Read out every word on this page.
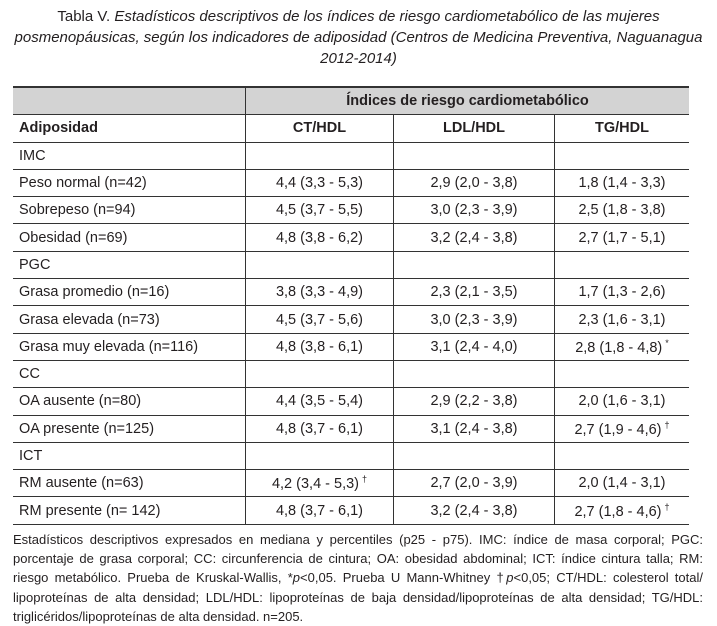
Tabla V. Estadísticos descriptivos de los índices de riesgo cardiometabólico de las mujeres posmenopáusicas, según los indicadores de adiposidad (Centros de Medicina Preventiva, Naguanagua 2012-2014)
	Índices de riesgo cardiometabólico		
Adiposidad	CT/HDL	LDL/HDL	TG/HDL
IMC			
Peso normal (n=42)	4,4 (3,3 - 5,3)	2,9 (2,0 - 3,8)	1,8 (1,4 - 3,3)
Sobrepeso (n=94)	4,5 (3,7 - 5,5)	3,0 (2,3 - 3,9)	2,5 (1,8 - 3,8)
Obesidad (n=69)	4,8 (3,8 - 6,2)	3,2 (2,4 - 3,8)	2,7 (1,7 - 5,1)
PGC			
Grasa promedio (n=16)	3,8 (3,3 - 4,9)	2,3 (2,1 - 3,5)	1,7 (1,3 - 2,6)
Grasa elevada (n=73)	4,5 (3,7 - 5,6)	3,0 (2,3 - 3,9)	2,3 (1,6 - 3,1)
Grasa muy elevada (n=116)	4,8 (3,8 - 6,1)	3,1 (2,4 - 4,0)	2,8 (1,8 - 4,8) *
CC			
OA ausente (n=80)	4,4 (3,5 - 5,4)	2,9 (2,2 - 3,8)	2,0 (1,6 - 3,1)
OA presente (n=125)	4,8 (3,7 - 6,1)	3,1 (2,4 - 3,8)	2,7 (1,9 - 4,6) †
ICT			
RM ausente (n=63)	4,2 (3,4 - 5,3) †	2,7 (2,0 - 3,9)	2,0 (1,4 - 3,1)
RM presente (n= 142)	4,8 (3,7 - 6,1)	3,2 (2,4 - 3,8)	2,7 (1,8 - 4,6) †
Estadísticos descriptivos expresados en mediana y percentiles (p25 - p75). IMC: índice de masa corporal; PGC: porcentaje de grasa corporal; CC: circunferencia de cintura; OA: obesidad abdominal; ICT: índice cintura talla; RM: riesgo metabólico. Prueba de Kruskal-Wallis, *p<0,05. Prueba U Mann-Whitney †p<0,05; CT/HDL: colesterol total/ lipoproteínas de alta densidad; LDL/HDL: lipoproteínas de baja densidad/lipoproteínas de alta densidad; TG/HDL: triglicéridos/lipoproteínas de alta densidad. n=205.
